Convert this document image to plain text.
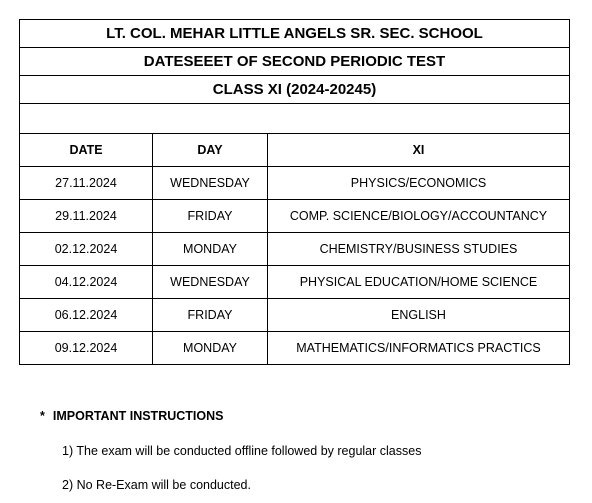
LT. COL. MEHAR LITTLE ANGELS SR. SEC. SCHOOL		
DATESEEET OF SECOND PERIODIC TEST		
CLASS XI (2024-20245)		

DATE	DAY	XI
27.11.2024	WEDNESDAY	PHYSICS/ECONOMICS
29.11.2024	FRIDAY	COMP. SCIENCE/BIOLOGY/ACCOUNTANCY
02.12.2024	MONDAY	CHEMISTRY/BUSINESS STUDIES
04.12.2024	WEDNESDAY	PHYSICAL EDUCATION/HOME SCIENCE
06.12.2024	FRIDAY	ENGLISH
09.12.2024	MONDAY	MATHEMATICS/INFORMATICS PRACTICS
* IMPORTANT INSTRUCTIONS
1) The exam will be conducted offline followed by regular classes
2) No Re-Exam will be conducted.
